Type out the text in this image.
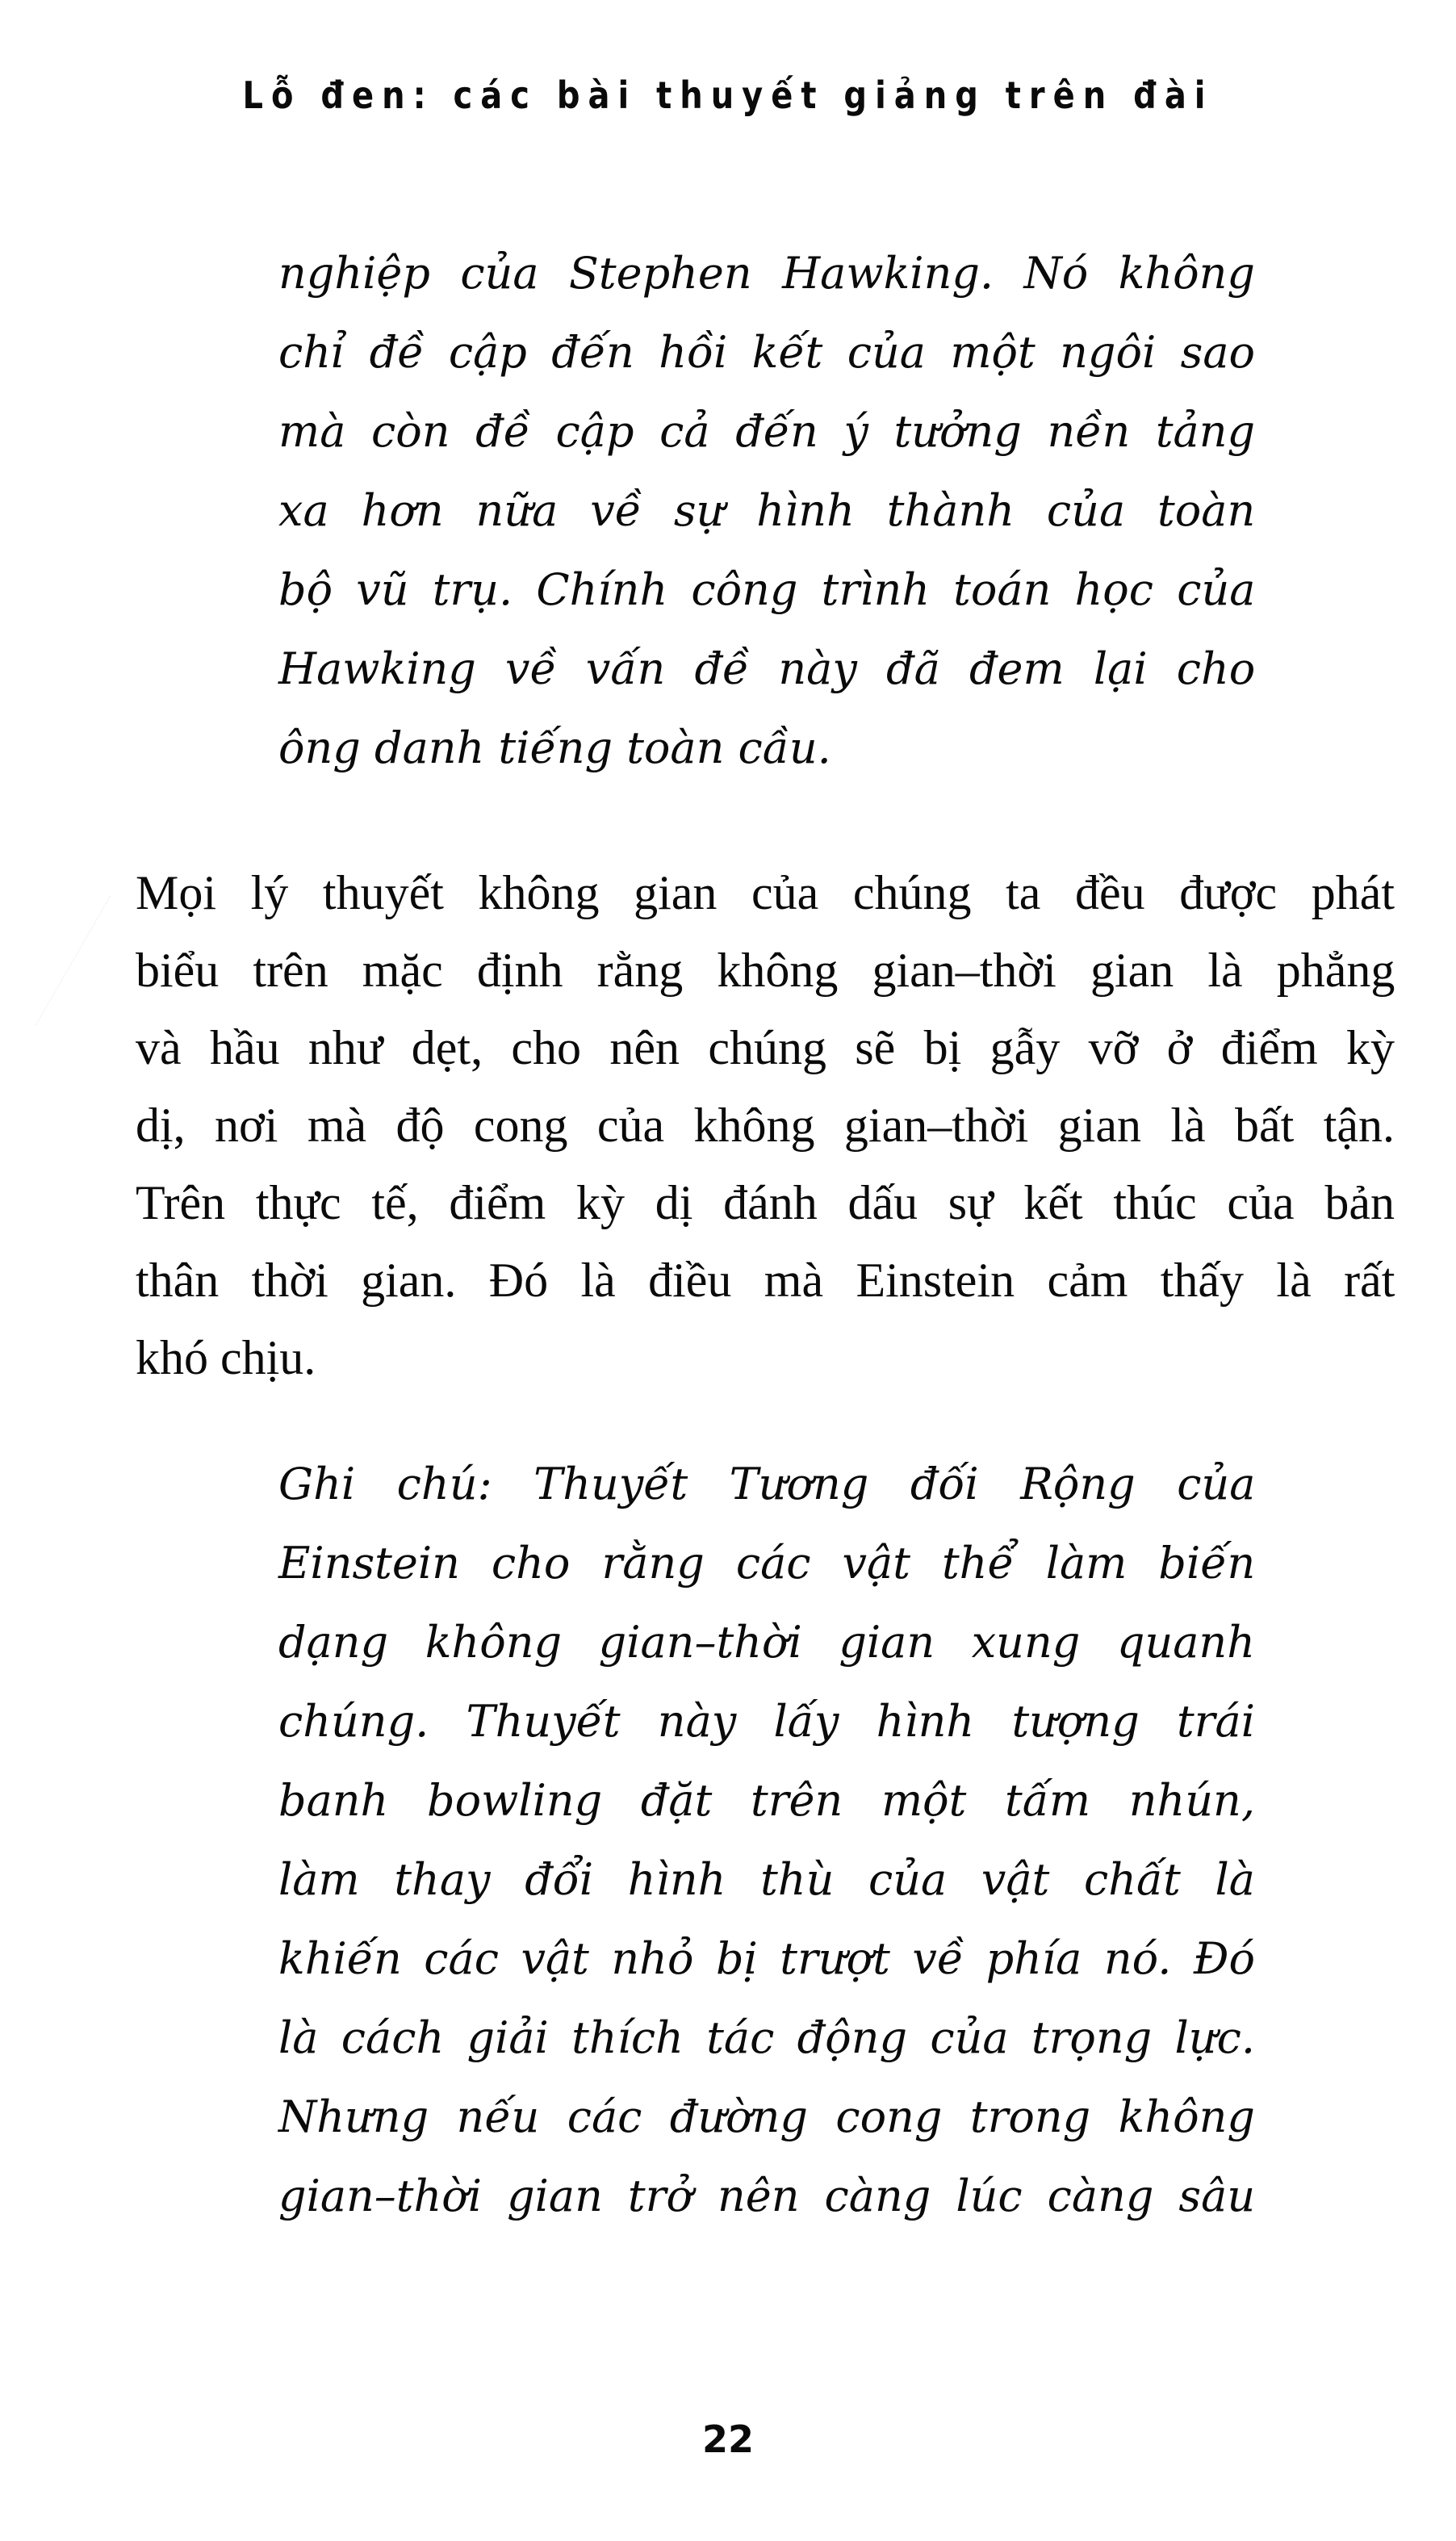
Lỗ đen: các bài thuyết giảng trên đài
nghiệp của Stephen Hawking. Nó không
chỉ đề cập đến hồi kết của một ngôi sao
mà còn đề cập cả đến ý tưởng nền tảng
xa hơn nữa về sự hình thành của toàn
bộ vũ trụ. Chính công trình toán học của
Hawking về vấn đề này đã đem lại cho
ông danh tiếng toàn cầu.
Mọi lý thuyết không gian của chúng ta đều được phát
biểu trên mặc định rằng không gian–thời gian là phẳng
và hầu như dẹt, cho nên chúng sẽ bị gẫy vỡ ở điểm kỳ
dị, nơi mà độ cong của không gian–thời gian là bất tận.
Trên thực tế, điểm kỳ dị đánh dấu sự kết thúc của bản
thân thời gian. Đó là điều mà Einstein cảm thấy là rất
khó chịu.
Ghi chú: Thuyết Tương đối Rộng của
Einstein cho rằng các vật thể làm biến
dạng không gian–thời gian xung quanh
chúng. Thuyết này lấy hình tượng trái
banh bowling đặt trên một tấm nhún,
làm thay đổi hình thù của vật chất là
khiến các vật nhỏ bị trượt về phía nó. Đó
là cách giải thích tác động của trọng lực.
Nhưng nếu các đường cong trong không
gian–thời gian trở nên càng lúc càng sâu
22
